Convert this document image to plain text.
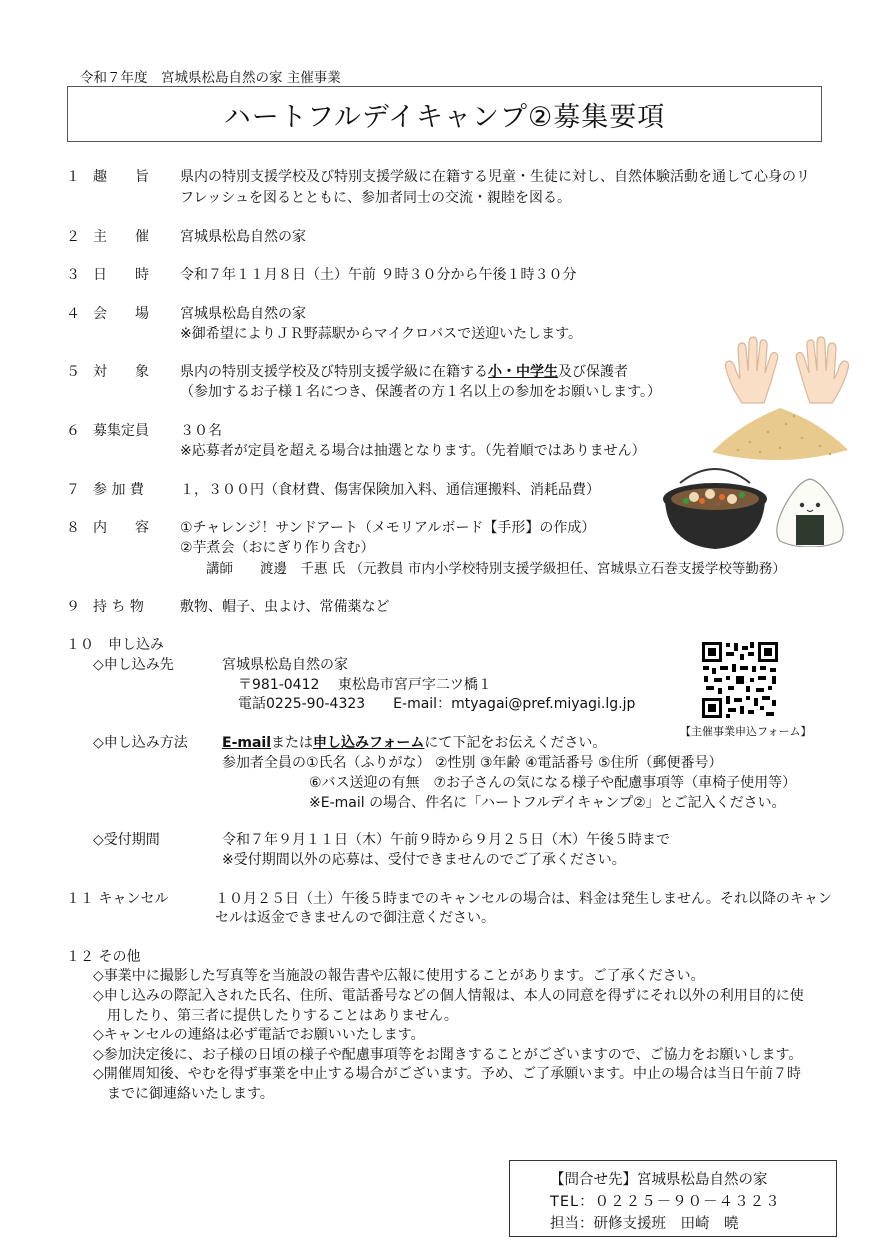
令和７年度　宮城県松島自然の家 主催事業
ハートフルデイキャンプ②募集要項
１ 趣　　旨 県内の特別支援学校及び特別支援学級に在籍する児童・生徒に対し、自然体験活動を通して心身のリ
フレッシュを図るとともに、参加者同士の交流・親睦を図る。
２ 主　　催 宮城県松島自然の家
３ 日　　時 令和７年１１月８日（土）午前 ９時３０分から午後１時３０分
４ 会　　場 宮城県松島自然の家
※御希望によりＪＲ野蒜駅からマイクロバスで送迎いたします。
５ 対　　象 県内の特別支援学校及び特別支援学級に在籍する小・中学生及び保護者
（参加するお子様１名につき、保護者の方１名以上の参加をお願いします。）
６ 募集定員 ３０名
※応募者が定員を超える場合は抽選となります。（先着順ではありません）
７ 参 加 費	１，３００円（食材費、傷害保険加入料、通信運搬料、消耗品費）
８ 内　　容 ①チャレンジ！サンドアート（メモリアルボード【手形】の作成）
②芋煮会（おにぎり作り含む）
講師　　渡邊　千惠 氏 （元教員 市内小学校特別支援学級担任、宮城県立石巻支援学校等勤務）
９ 持 ち 物	敷物、帽子、虫よけ、常備薬など
１０　申し込み
◇申し込み先	宮城県松島自然の家
〒981-0412　 東松島市宮戸字二ツ橋１
電話0225-90-4323　　E-mail：mtyagai@pref.miyagi.lg.jp
【主催事業申込フォーム】
◇申し込み方法 E-mailまたは申し込みフォームにて下記をお伝えください。
参加者全員の①氏名（ふりがな） ②性別 ③年齢 ④電話番号 ⑤住所（郵便番号）
⑥バス送迎の有無　⑦お子さんの気になる様子や配慮事項等（車椅子使用等）
※E-mail の場合、件名に「ハートフルデイキャンプ②」とご記入ください。
◇受付期間	令和７年９月１１日（木）午前９時から９月２５日（木）午後５時まで
※受付期間以外の応募は、受付できませんのでご了承ください。
１１ キャンセル	１０月２５日（土）午後５時までのキャンセルの場合は、料金は発生しません。それ以降のキャン
セルは返金できませんので御注意ください。
１２ その他
◇事業中に撮影した写真等を当施設の報告書や広報に使用することがあります。ご了承ください。
◇申し込みの際記入された氏名、住所、電話番号などの個人情報は、本人の同意を得ずにそれ以外の利用目的に使
　用したり、第三者に提供したりすることはありません。
◇キャンセルの連絡は必ず電話でお願いいたします。
◇参加決定後に、お子様の日頃の様子や配慮事項等をお聞きすることがございますので、ご協力をお願いします。
◇開催周知後、やむを得ず事業を中止する場合がございます。予め、ご了承願います。中止の場合は当日午前７時
　までに御連絡いたします。
【問合せ先】宮城県松島自然の家
TEL：０２２５－９０－４３２３
担当：研修支援班　田崎　曉
